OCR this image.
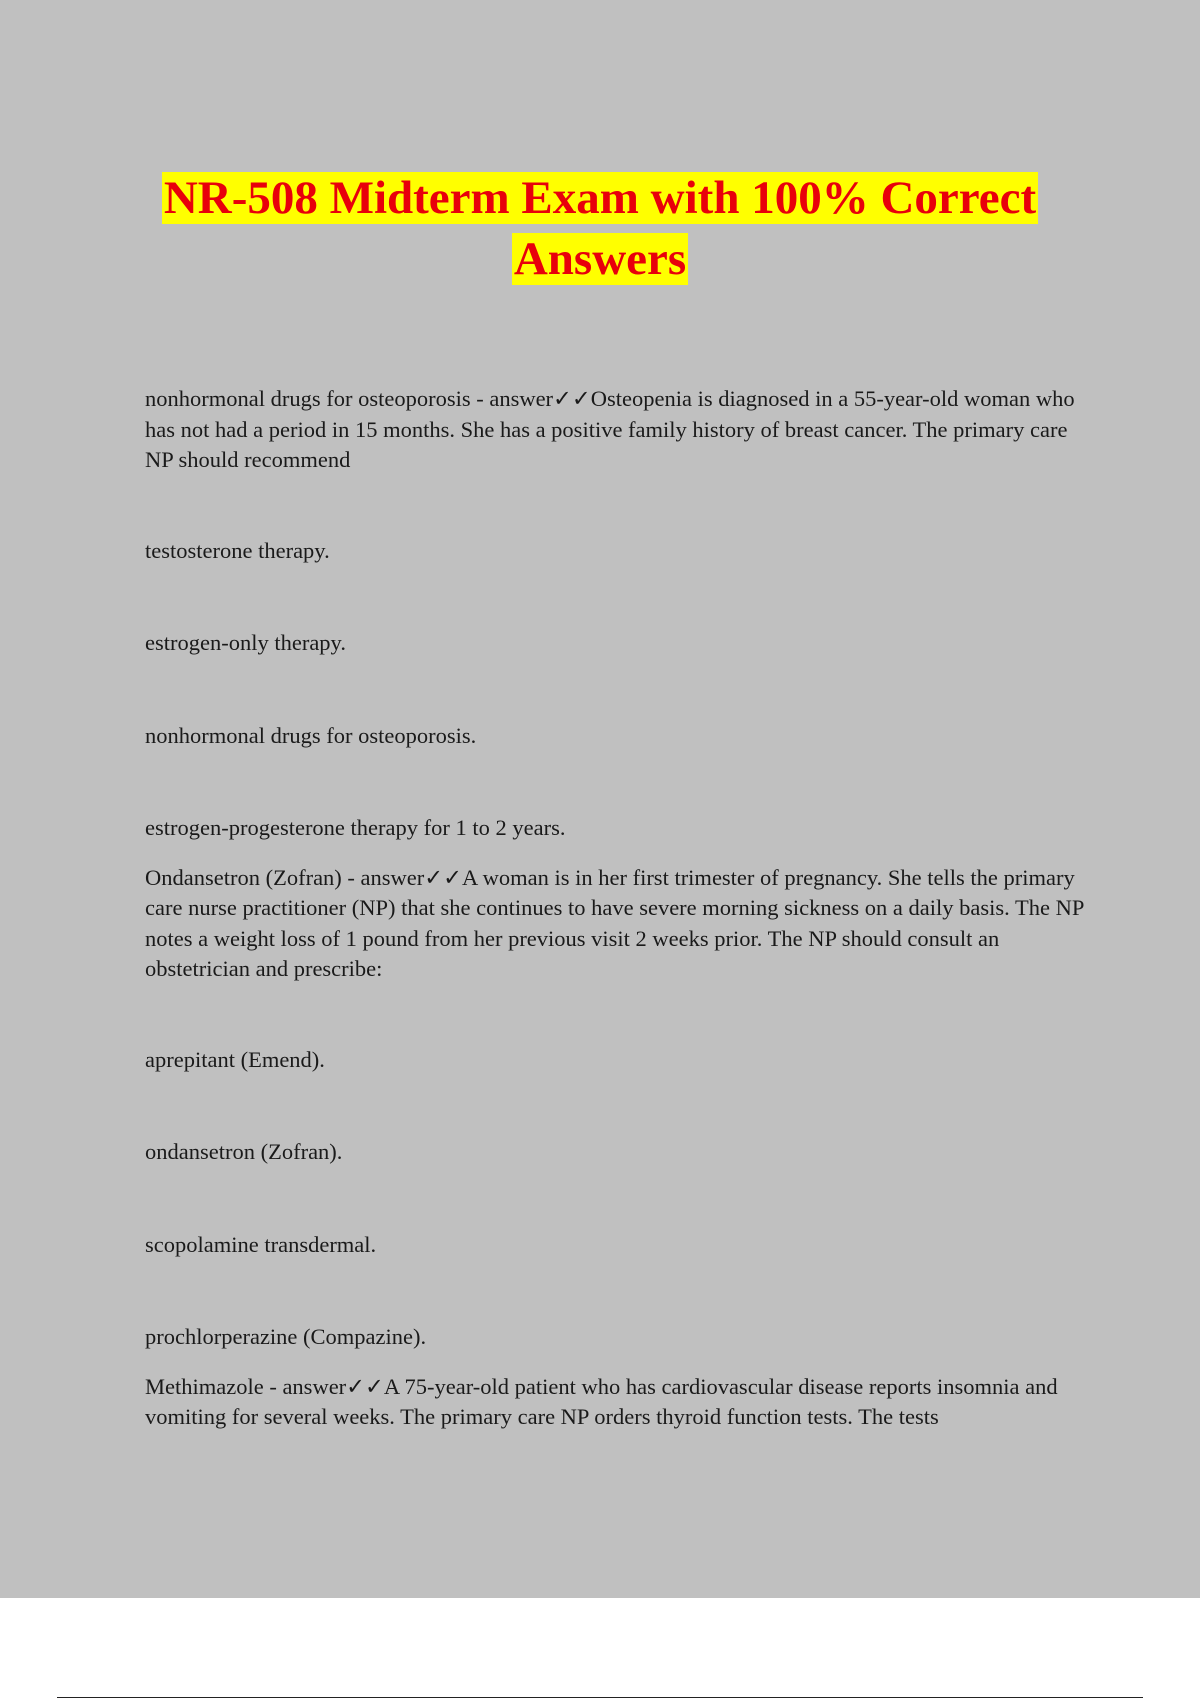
NR-508 Midterm Exam with 100% Correct
Answers

nonhormonal drugs for osteoporosis - answer✓✓Osteopenia is diagnosed in a 55-year-old woman who has not had a period in 15 months. She has a positive family history of breast cancer. The primary care NP should recommend

testosterone therapy.

estrogen-only therapy.

nonhormonal drugs for osteoporosis.

estrogen-progesterone therapy for 1 to 2 years.

Ondansetron (Zofran) - answer✓✓A woman is in her first trimester of pregnancy. She tells the primary care nurse practitioner (NP) that she continues to have severe morning sickness on a daily basis. The NP notes a weight loss of 1 pound from her previous visit 2 weeks prior. The NP should consult an obstetrician and prescribe:

aprepitant (Emend).

ondansetron (Zofran).

scopolamine transdermal.

prochlorperazine (Compazine).

Methimazole - answer✓✓A 75-year-old patient who has cardiovascular disease reports insomnia and vomiting for several weeks. The primary care NP orders thyroid function tests. The tests
